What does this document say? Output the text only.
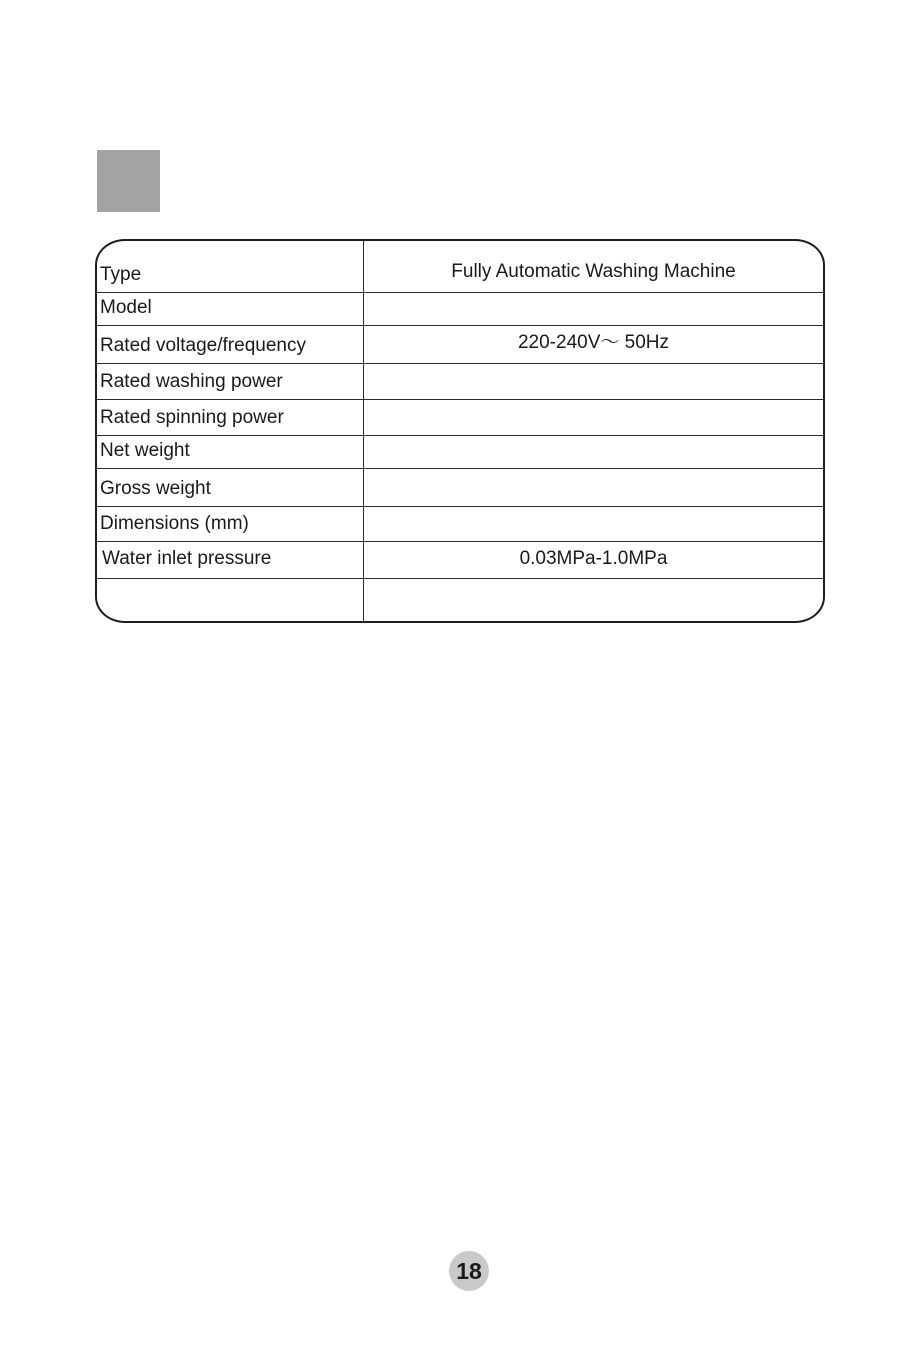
Type	Fully Automatic Washing Machine
Model
Rated voltage/frequency	220-240V～ 50Hz
Rated washing power
Rated spinning power
Net weight
Gross weight
Dimensions (mm)
Water inlet pressure	0.03MPa-1.0MPa
18
